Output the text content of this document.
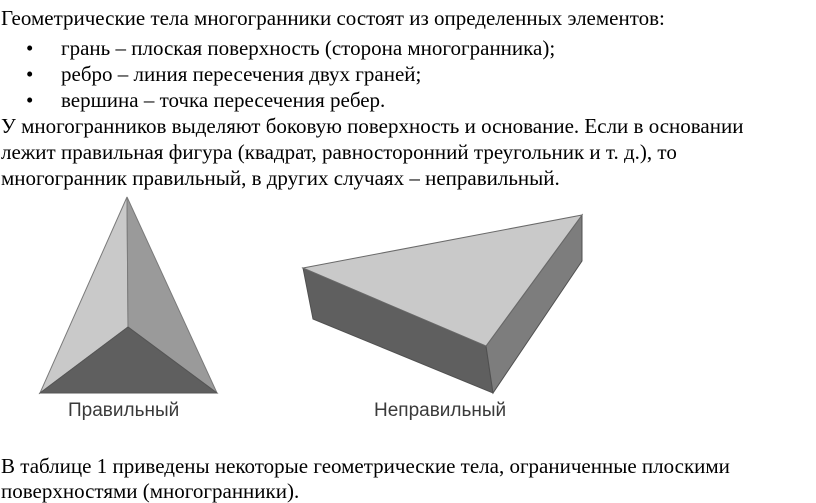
Геометрические тела многогранники состоят из определенных элементов:
• грань – плоская поверхность (сторона многогранника);
• ребро – линия пересечения двух граней;
• вершина – точка пересечения ребер.
У многогранников выделяют боковую поверхность и основание. Если в основании
лежит правильная фигура (квадрат, равносторонний треугольник и т. д.), то
многогранник правильный, в других случаях – неправильный.
Правильный	Неправильный
В таблице 1 приведены некоторые геометрические тела, ограниченные плоскими
поверхностями (многогранники).
